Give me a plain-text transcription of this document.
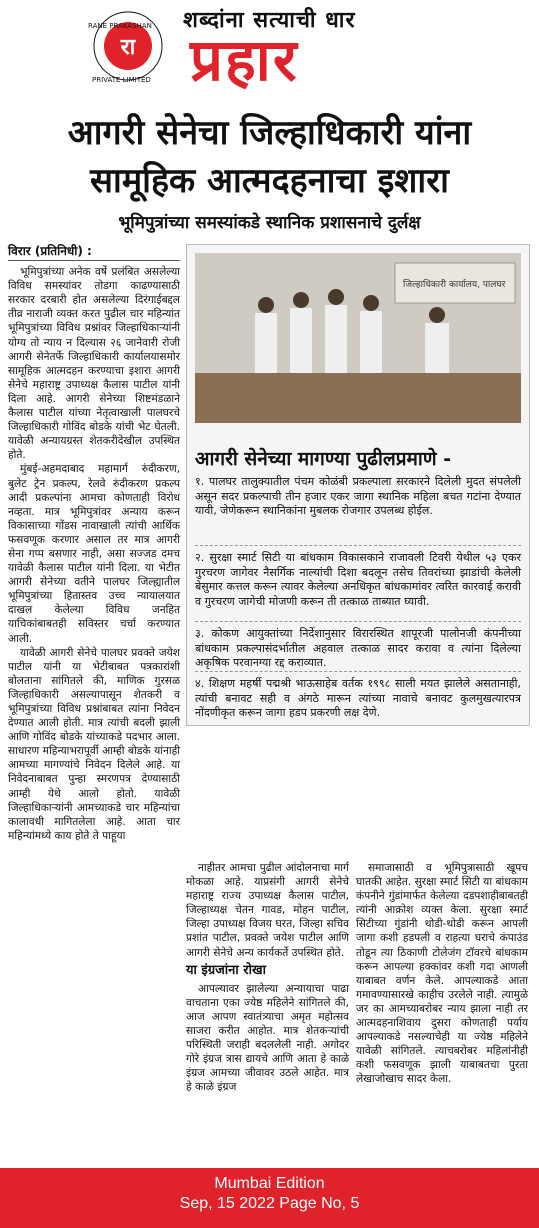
रा
RANE PRAKASHAN
PRIVATE LIMITED
शब्दांना सत्याची धार
प्रहार
आगरी सेनेचा जिल्हाधिकारी यांना
सामूहिक आत्मदहनाचा इशारा
भूमिपुत्रांच्या समस्यांकडे स्थानिक प्रशासनाचे दुर्लक्ष
विरार (प्रतिनिधी) :

भूमिपुत्रांच्या अनेक वर्षे प्रलंबित असलेल्या विविध समस्यांवर तोडगा काढण्यासाठी सरकार दरबारी होत असलेल्या दिरंगाईबद्दल तीव्र नाराजी व्यक्त करत पुढील चार महिन्यांत भूमिपुत्रांच्या विविध प्रश्नांवर जिल्हाधिकाऱ्यांनी योग्य तो न्याय न दिल्यास २६ जानेवारी रोजी आगरी सेनेतर्फे जिल्हाधिकारी कार्यालयासमोर सामूहिक आत्मदहन करण्याचा इशारा आगरी सेनेचे महाराष्ट्र उपाध्यक्ष कैलास पाटील यांनी दिला आहे. आगरी सेनेच्या शिष्टमंडळाने कैलास पाटील यांच्या नेतृत्वाखाली पालघरचे जिल्हाधिकारी गोविंद बोडके यांची भेट घेतली. यावेळी अन्यायग्रस्त शेतकरीदेखील उपस्थित होते.

मुंबई-अहमदाबाद महामार्ग रुंदीकरण, बुलेट ट्रेन प्रकल्प, रेलवे रुंदीकरण प्रकल्प आदी प्रकल्पांना आमचा कोणताही विरोध नव्हता. मात्र भूमिपुत्रांवर अन्याय करून विकासाच्या गोंडस नावाखाली त्यांची आर्थिक फसवणूक करणार असाल तर मात्र आगरी सेना गप्प बसणार नाही, असा सज्जड दमच यावेळी कैलास पाटील यांनी दिला. या भेटीत आगरी सेनेच्या वतीने पालघर जिल्ह्यातील भूमिपुत्रांच्या हितास्तव उच्च न्यायालयात दाखल केलेल्या विविध जनहित याचिकांबाबतही सविस्तर चर्चा करण्यात आली.

यावेळी आगरी सेनेचे पालघर प्रवक्ते जयेश पाटील यांनी या भेटीबाबत पत्रकारांशी बोलताना सांगितले की, माणिक गुरसळ जिल्हाधिकारी असल्यापासून शेतकरी व भूमिपुत्रांच्या विविध प्रश्नांबाबत त्यांना निवेदन देण्यात आली होती. मात्र त्यांची बदली झाली आणि गोविंद बोडके यांच्याकडे पदभार आला. साधारण महिन्याभरापूर्वी आम्ही बोडके यांनाही आमच्या मागण्यांचे निवेदन दिलेले आहे. या निवेदनाबाबत पुन्हा स्मरणपत्र देण्यासाठी आम्ही येथे आलो होतो. यावेळी जिल्हाधिकाऱ्यांनी आमच्याकडे चार महिन्यांचा कालावधी मागितलेला आहे. आता चार महिन्यांमध्ये काय होते ते पाहूया

जिल्हाधिकारी कार्यालय, पालघर
आगरी सेनेच्या मागण्या पुढीलप्रमाणे -
१. पालघर तालुक्यातील पंचम कोळंबी प्रकल्पाला सरकारने दिलेली मुदत संपलेली असून सदर प्रकल्पाची तीन हजार एकर जागा स्थानिक महिला बचत गटांना देण्यात यावी, जेणेकरून स्थानिकांना मुबलक रोजगार उपलब्ध होईल.
२. सुरक्षा स्मार्ट सिटी या बांधकाम विकासकाने राजावली टिवरी येथील ५३ एकर गुरचरण जागेवर नैसर्गिक नाल्यांची दिशा बदलून तसेच तिवरांच्या झाडांची केलेली बेसुमार कत्तल करून त्यावर केलेल्या अनधिकृत बांधकामांवर त्वरित कारवाई करावी व गुरचरण जागेची मोजणी करून ती तत्काळ ताब्यात घ्यावी.
३. कोकण आयुक्तांच्या निर्देशानुसार विरारस्थित शापूरजी पालोनजी कंपनीच्या बांधकाम प्रकल्पासंदर्भातील अहवाल तत्काळ सादर करावा व त्यांना दिलेल्या अकृषिक परवानग्या रद्द कराव्यात.
४. शिक्षण महर्षी पद्मश्री भाऊसाहेब वर्तक १९९८ साली मयत झालेले असतानाही, त्यांची बनावट सही व अंगठे मारून त्यांच्या नावाचे बनावट कुलमुखत्यारपत्र नोंदणीकृत करून जागा हडप प्रकरणी लक्ष देणे.

नाहीतर आमचा पुढील आंदोलनाचा मार्ग मोकळा आहे. याप्रसंगी आगरी सेनेचे महाराष्ट्र राज्य उपाध्यक्ष कैलास पाटील, जिल्हाध्यक्ष चेतन गावड, मोहन पाटील, जिल्हा उपाध्यक्ष विजय घरत, जिल्हा सचिव प्रशांत पाटील, प्रवक्ते जयेश पाटील आणि आगरी सेनेचे अन्य कार्यकर्ते उपस्थित होते.

या इंग्रजांना रोखा

आपल्यावर झालेल्या अन्यायाचा पाढा वाचताना एका ज्येष्ठ महिलेने सांगितले की, आज आपण स्वातंत्र्याचा अमृत महोत्सव साजरा करीत आहोत. मात्र शेतकऱ्यांची परिस्थिती जराही बदललेली नाही. अगोदर गोरे इंग्रज त्रास द्यायचे आणि आता हे काळे इंग्रज आमच्या जीवावर उठले आहेत. मात्र हे काळे इंग्रज

समाजासाठी व भूमिपुत्रासाठी खूपच घातकी आहेत. सुरक्षा स्मार्ट सिटी या बांधकाम कंपनीने गुंडांमार्फत केलेल्या दडपशाहीबाबतही त्यांनी आक्रोश व्यक्त केला. सुरक्षा स्मार्ट सिटीच्या गुंडांनी थोडी-थोडी करून आपली जागा कशी हडपली व राहत्या घराचे कंपाउंड तोडून त्या ठिकाणी टोलेजंग टॉवरचे बांधकाम करून आपल्या हक्कांवर कशी गदा आणली याबाबत वर्णन केले. आपल्याकडे आता गमावण्यासारखे काहीच उरलेले नाही. त्यामुळे जर का आमच्याबरोबर न्याय झाला नाही तर आत्मदहनाशिवाय दुसरा कोणताही पर्याय आपल्याकडे नसल्याचेही या ज्येष्ठ महिलेने यावेळी सांगितले. त्याचबरोबर महिलांनीही कशी फसवणूक झाली याबाबतचा पुरता लेखाजोखाच सादर केला.

Mumbai Edition
Sep, 15 2022 Page No, 5
